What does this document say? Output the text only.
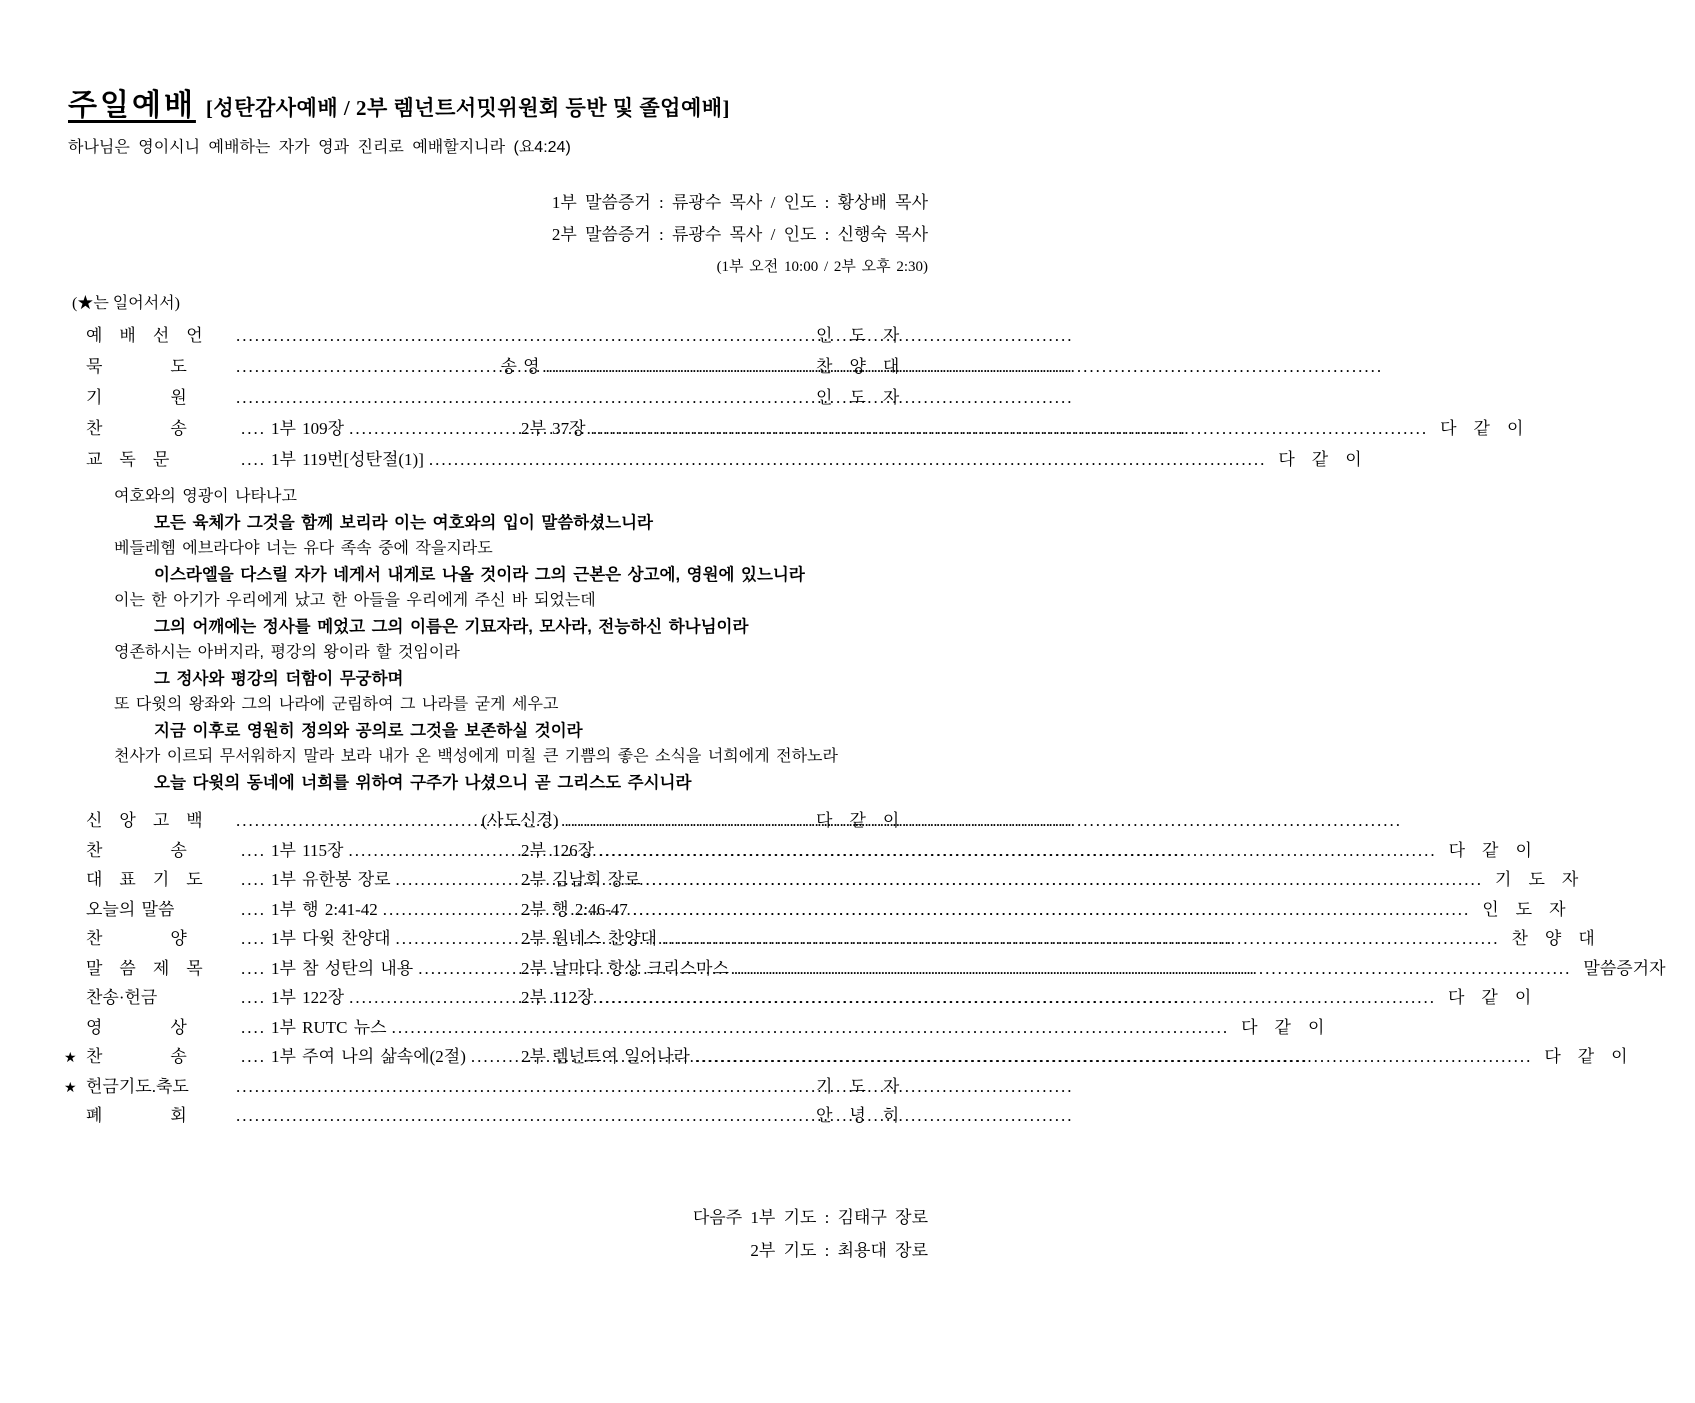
주일예배 [성탄감사예배 / 2부 렘넌트서밋위원회 등반 및 졸업예배]
하나님은 영이시니 예배하는 자가 영과 진리로 예배할지니라 (요4:24)
1부 말씀증거 : 류광수 목사 / 인도 : 황상배 목사
2부 말씀증거 : 류광수 목사 / 인도 : 신행숙 목사
(1부 오전 10:00 / 2부 오후 2:30)
(★는 일어서서)
예　배　선　언 .....	인　도　자
묵　　　　도 .....	송 영 .....	찬　양　대
기　　　　원 .....	인　도　자
찬　　　　송	.... 1부 109장 .....	2부 37장 .....	다　같　이
교　독　문	.... 1부 119번[성탄절(1)] .....	다　같　이
여호와의 영광이 나타나고
모든 육체가 그것을 함께 보리라 이는 여호와의 입이 말씀하셨느니라
베들레헴 에브라다야 너는 유다 족속 중에 작을지라도
이스라엘을 다스릴 자가 네게서 내게로 나올 것이라 그의 근본은 상고에, 영원에 있느니라
이는 한 아기가 우리에게 났고 한 아들을 우리에게 주신 바 되었는데
그의 어깨에는 정사를 메었고 그의 이름은 기묘자라, 모사라, 전능하신 하나님이라
영존하시는 아버지라, 평강의 왕이라 할 것임이라
그 정사와 평강의 더함이 무궁하며
또 다윗의 왕좌와 그의 나라에 군림하여 그 나라를 굳게 세우고
지금 이후로 영원히 정의와 공의로 그것을 보존하실 것이라
천사가 이르되 무서워하지 말라 보라 내가 온 백성에게 미칠 큰 기쁨의 좋은 소식을 너희에게 전하노라
오늘 다윗의 동네에 너희를 위하여 구주가 나셨으니 곧 그리스도 주시니라
신　앙　고　백 .....	(사도신경) .....	다　같　이
찬　　　　송	.... 1부 115장 .....	2부 126장 .....	다　같　이
대　표　기　도	.... 1부 유한봉 장로 .....	2부 김남희 장로 .....	기　도　자
오늘의 말씀	.... 1부 행 2:41-42 .....	2부 행 2:46-47 .....	인　도　자
찬　　　　양	.... 1부 다윗 찬양대 .....	2부 원네스 찬양대 .....	찬　양　대
말　씀　제　목	.... 1부 참 성탄의 내용 .....	2부 날마다 항상 크리스마스 .....	말씀증거자
찬송·헌금	.... 1부 122장 .....	2부 112장 .....	다　같　이
영　　　　상	.... 1부 RUTC 뉴스 .....	다　같　이
★ 찬　　　　송	.... 1부 주여 나의 삶속에(2절) .....	2부 렘넌트여 일어나라 .....	다　같　이
★ 헌금기도.축도 .....	기　도　자
폐　　　　회 .....	안　녕　히
다음주 1부 기도 : 김태구 장로
2부 기도 : 최용대 장로
